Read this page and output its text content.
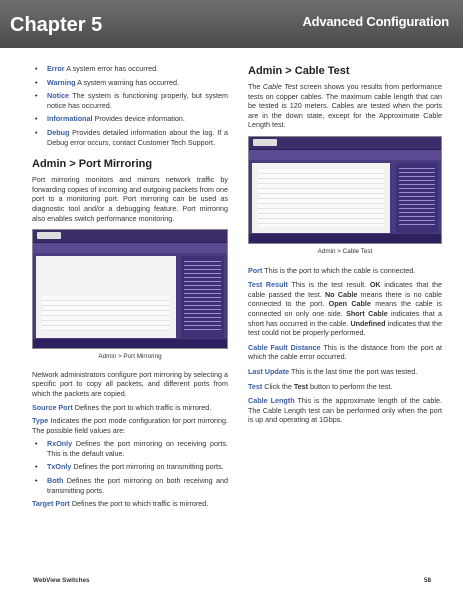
Chapter 5	Advanced Configuration
• Error A system error has occurred.
• Warning A system warning has occurred.
• Notice The system is functioning properly, but system notice has occurred.
• Informational Provides device information.
• Debug Provides detailed information about the log. If a Debug error occurs, contact Customer Tech Support.
Admin > Port Mirroring

Port mirroring monitors and mirrors network traffic by forwarding copies of incoming and outgoing packets from one port to a monitoring port. Port mirroring can be used as diagnostic tool and/or a debugging feature. Port mirroring also enables switch performance monitoring.

Admin > Port Mirroring

Network administrators configure port mirroring by selecting a specific port to copy all packets, and different ports from which the packets are copied.

Source Port Defines the port to which traffic is mirrored.

Type Indicates the port mode configuration for port mirroring. The possible field values are:

• RxOnly Defines the port mirroring on receiving ports. This is the default value.
• TxOnly Defines the port mirroring on transmitting ports.
• Both Defines the port mirroring on both receiving and transmitting ports.

Target Port Defines the port to which traffic is mirrored.

Admin > Cable Test

The Cable Test screen shows you results from performance tests on copper cables. The maximum cable length that can be tested is 120 meters. Cables are tested when the ports are in the down state, except for the Approximate Cable Length test.

Admin > Cable Test

Port This is the port to which the cable is connected.

Test Result This is the test result. OK indicates that the cable passed the test. No Cable means there is no cable connected to the port. Open Cable means the cable is connected on only one side. Short Cable indicates that a short has occurred in the cable. Undefined indicates that the test could not be properly performed.

Cable Fault Distance This is the distance from the port at which the cable error occurred.

Last Update This is the last time the port was tested.

Test Click the Test button to perform the test.

Cable Length This is the approximate length of the cable. The Cable Length test can be performed only when the port is up and operating at 1Gbps.

WebView Switches	58
